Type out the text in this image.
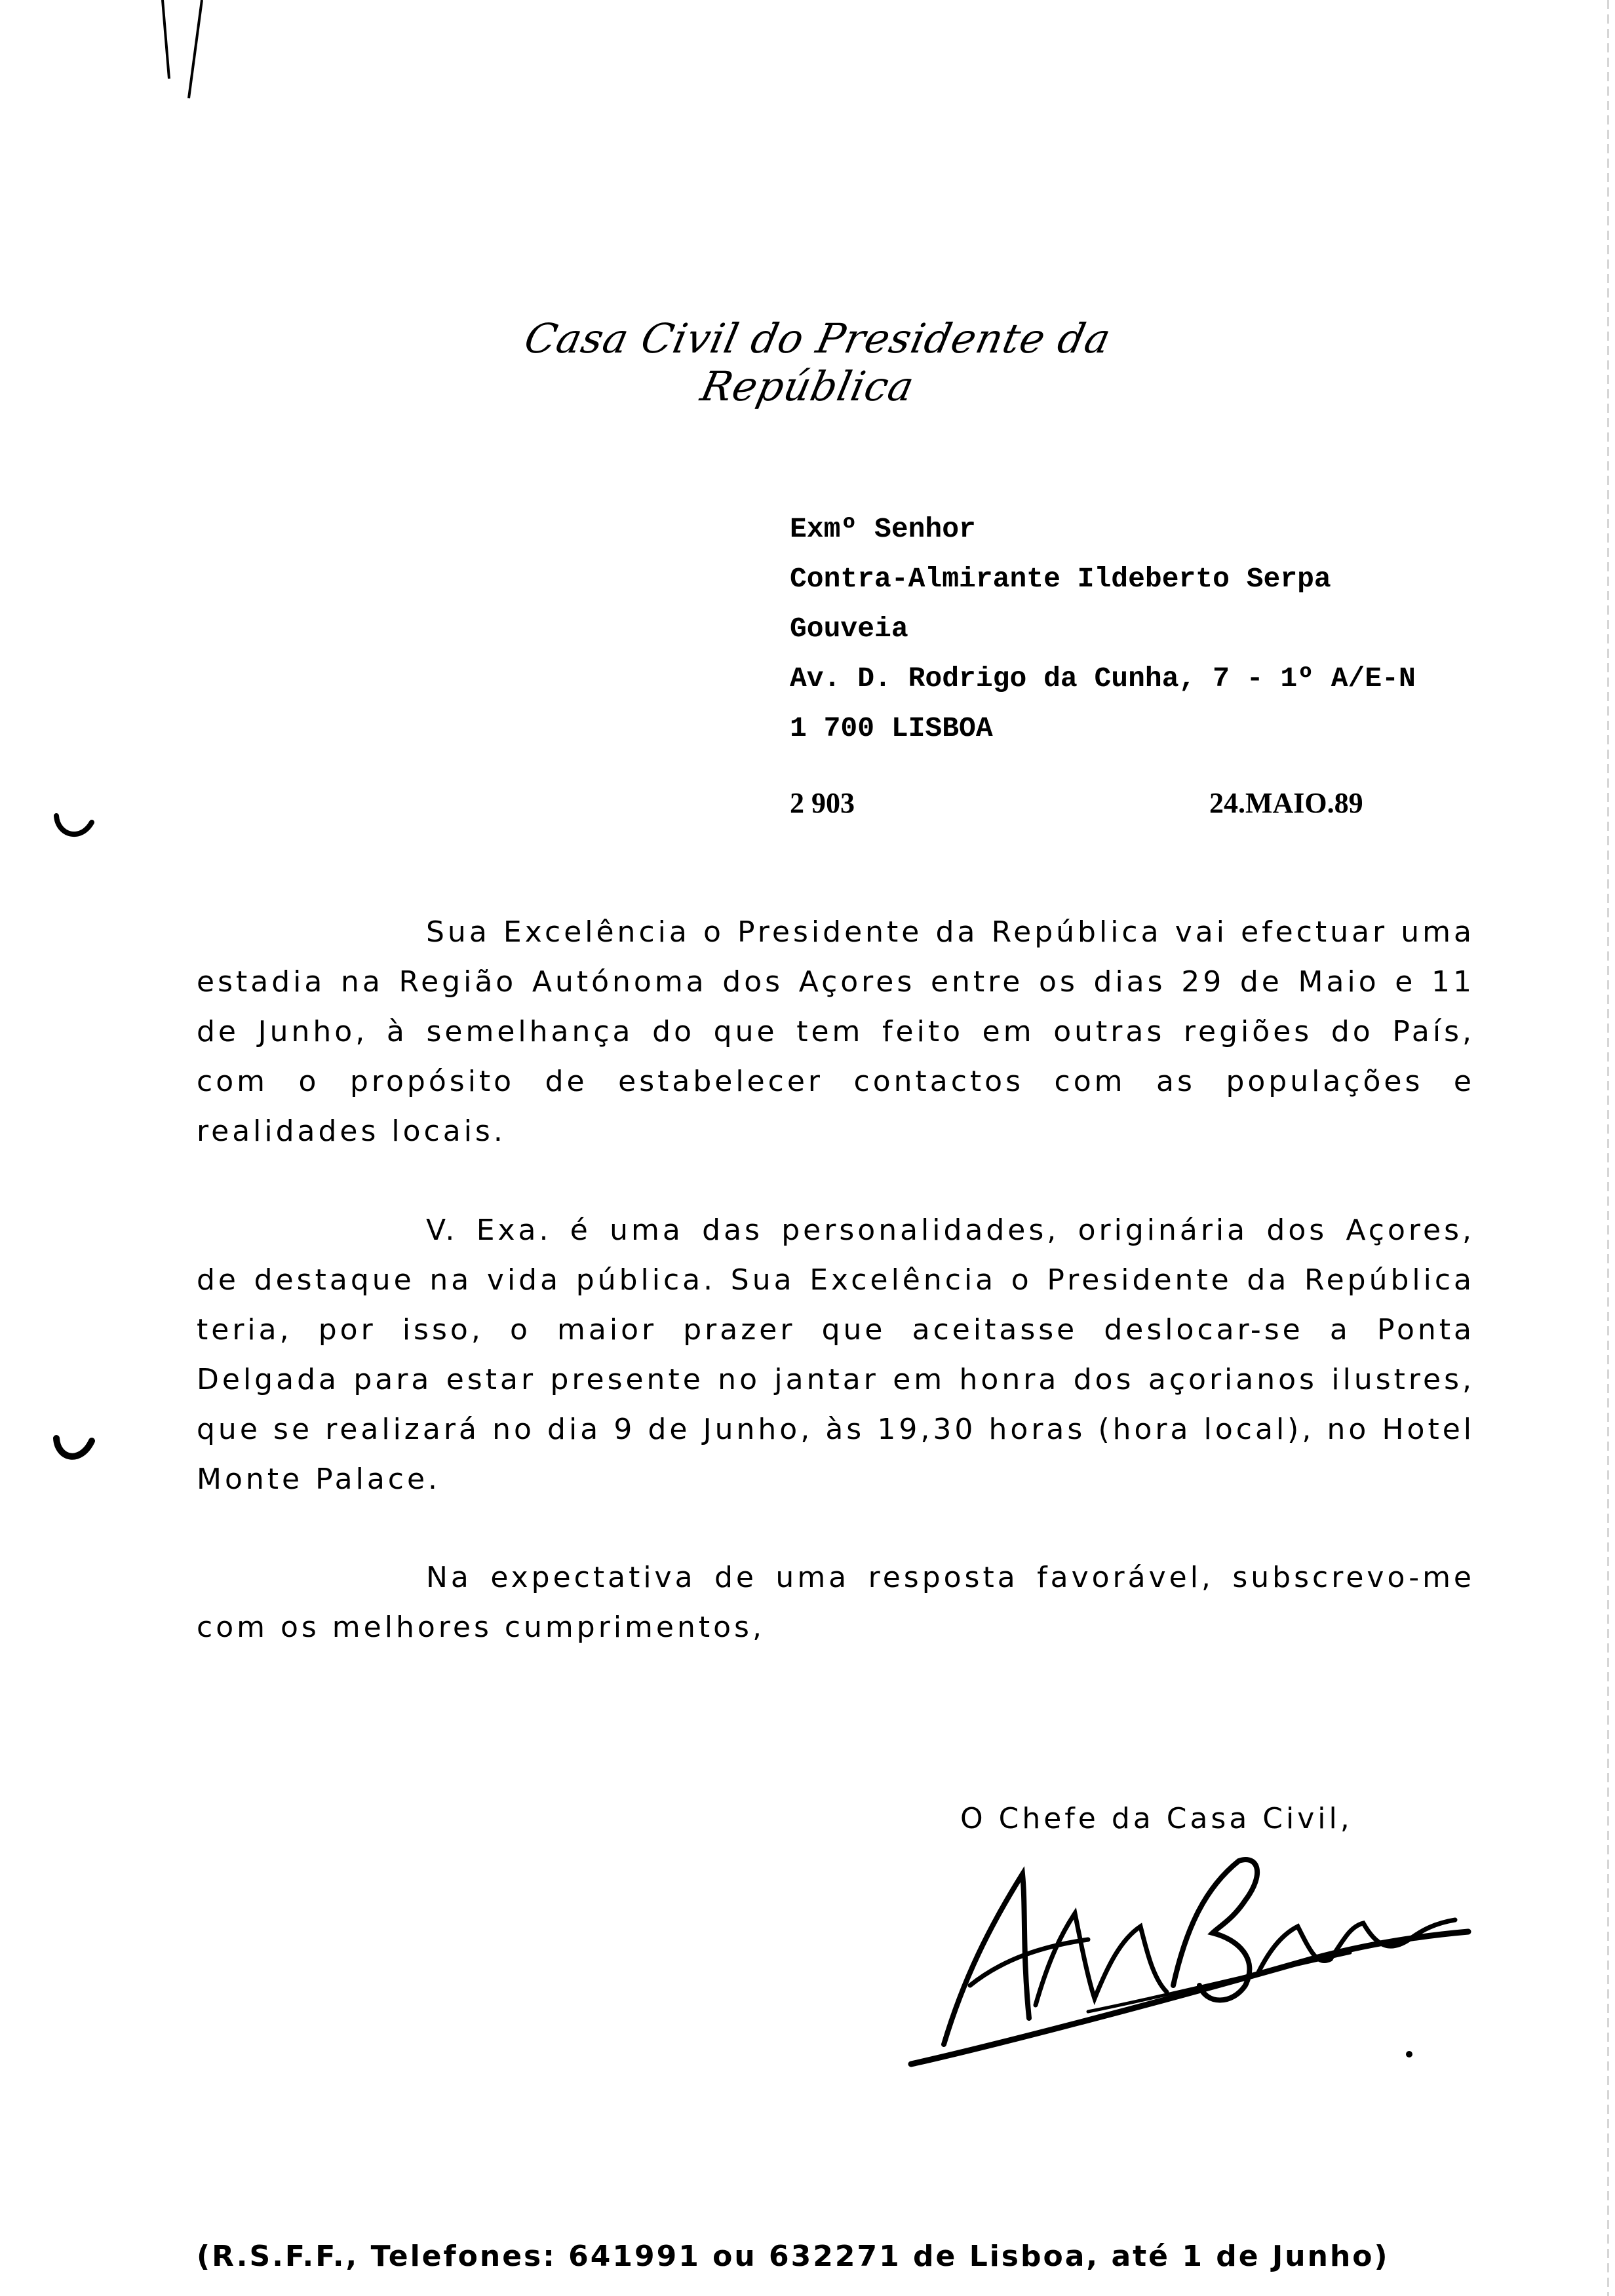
Casa Civil do Presidente da República
Exmº Senhor
Contra-Almirante Ildeberto Serpa
Gouveia
Av. D. Rodrigo da Cunha, 7 - 1º A/E-N
1 700 LISBOA
2 903	24.MAIO.89
Sua Excelência o Presidente da República vai efectuar uma estadia na Região Autónoma dos Açores entre os dias 29 de Maio e 11 de Junho, à semelhança do que tem feito em outras regiões do País, com o propósito de estabelecer contactos com as populações e realidades locais.
V. Exa. é uma das personalidades, originária dos Açores, de destaque na vida pública. Sua Excelência o Presidente da República teria, por isso, o maior prazer que aceitasse deslocar-se a Ponta Delgada para estar presente no jantar em honra dos açorianos ilustres, que se realizará no dia 9 de Junho, às 19,30 horas (hora local), no Hotel Monte Palace.
Na expectativa de uma resposta favorável, subscrevo-me com os melhores cumprimentos,
O Chefe da Casa Civil,
(R.S.F.F., Telefones: 641991 ou 632271 de Lisboa, até 1 de Junho)
